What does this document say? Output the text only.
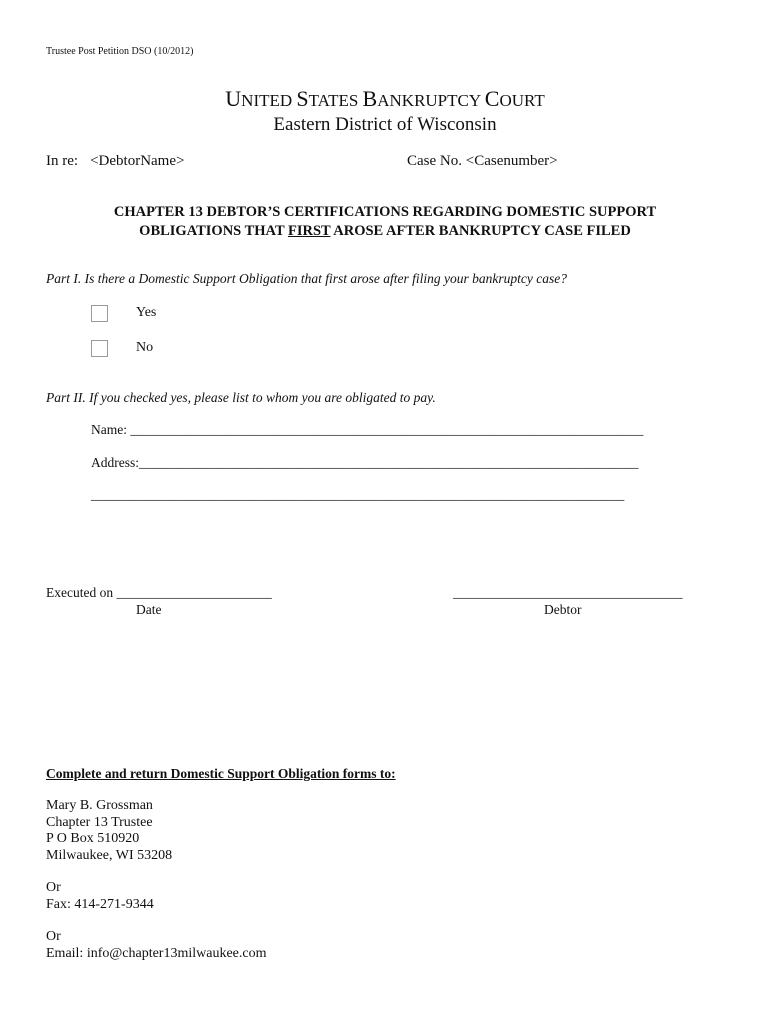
Trustee Post Petition DSO (10/2012)
UNITED STATES BANKRUPTCY COURT
Eastern District of Wisconsin
In re: <DebtorName>	Case No. <Casenumber>
CHAPTER 13 DEBTOR’S CERTIFICATIONS REGARDING DOMESTIC SUPPORT
OBLIGATIONS THAT FIRST AROSE AFTER BANKRUPTCY CASE FILED
Part I. Is there a Domestic Support Obligation that first arose after filing your bankruptcy case?
Yes
No
Part II. If you checked yes, please list to whom you are obligated to pay.
Name: ____________________________________________________________________________
Address:__________________________________________________________________________
_______________________________________________________________________________
Executed on _______________________	__________________________________
Date	Debtor
Complete and return Domestic Support Obligation forms to:
Mary B. Grossman
Chapter 13 Trustee
P O Box 510920
Milwaukee, WI 53208
Or
Fax: 414-271-9344
Or
Email: info@chapter13milwaukee.com
